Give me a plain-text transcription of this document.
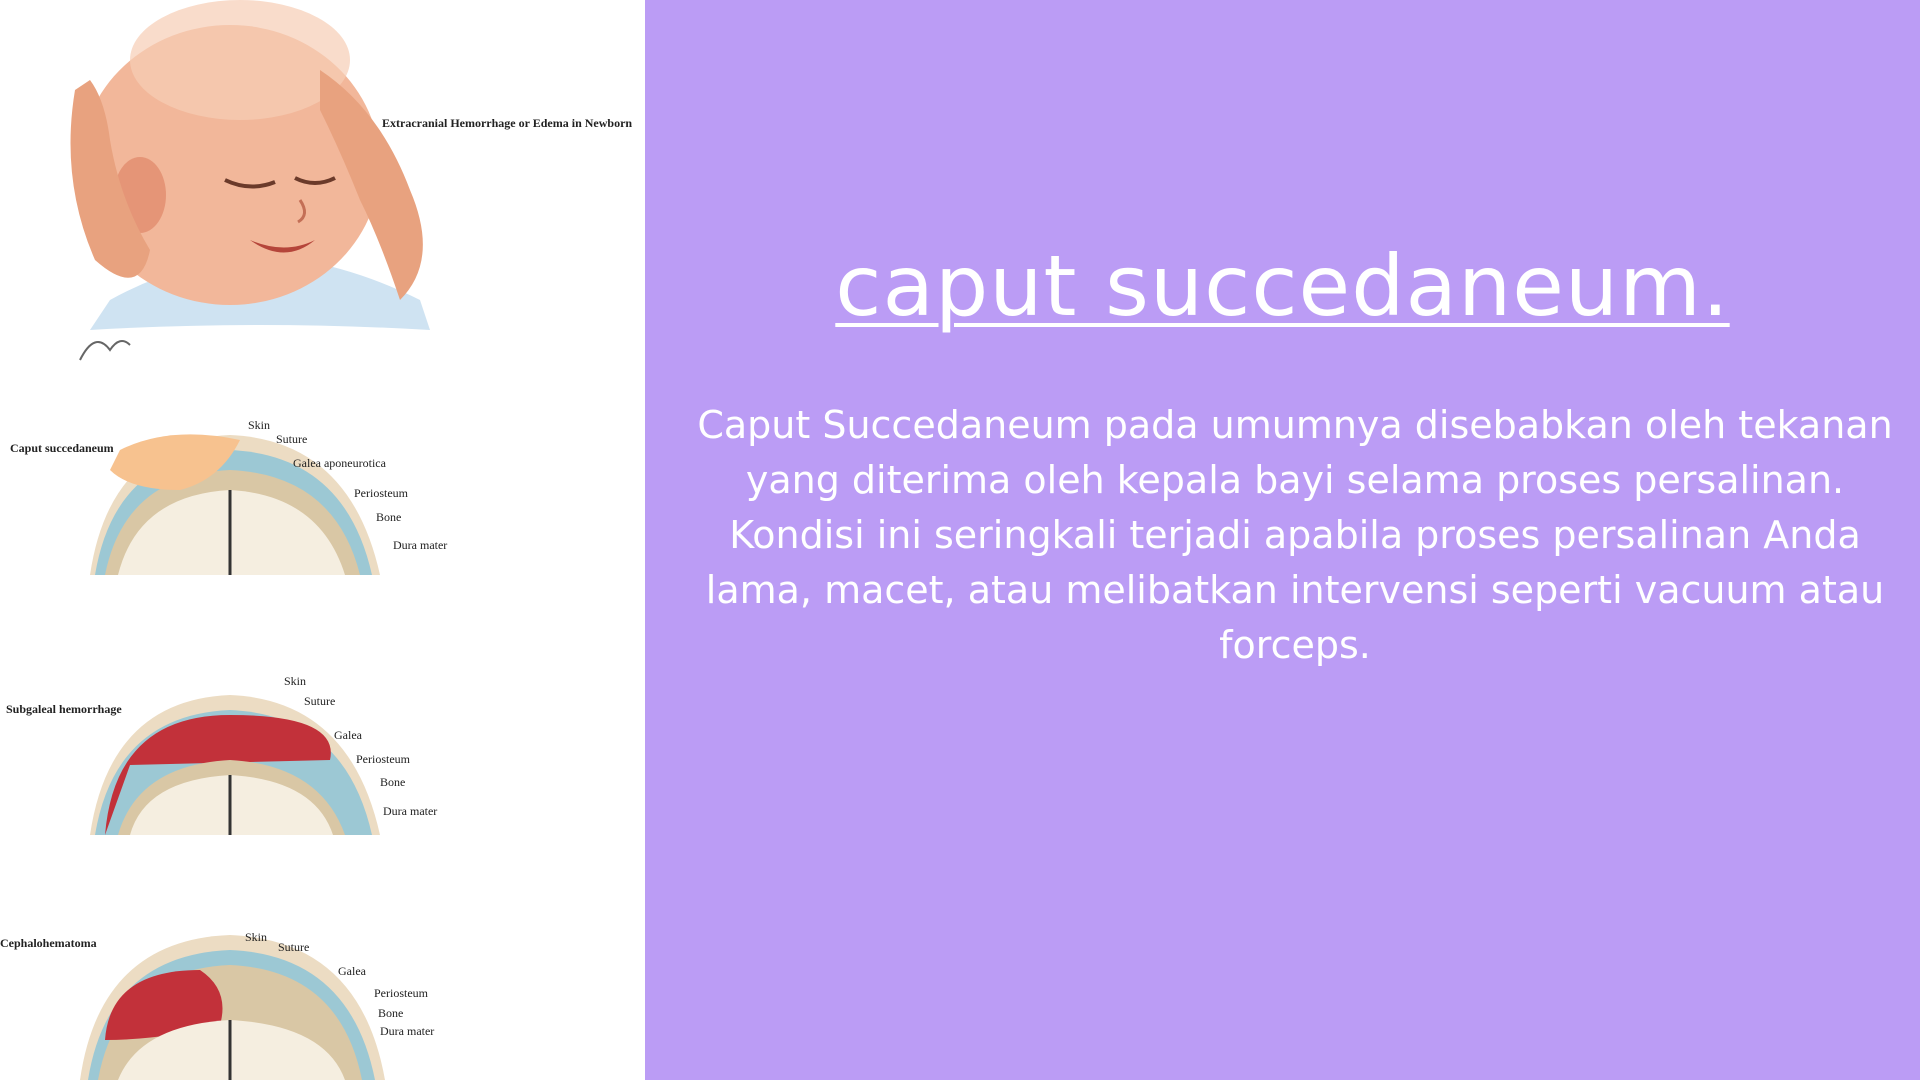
Extracranial Hemorrhage or Edema in Newborn
Caput succedaneum
Skin
Suture
Galea aponeurotica
Periosteum
Bone
Dura mater
Subgaleal hemorrhage
Skin
Suture
Galea
Periosteum
Bone
Dura mater
Cephalohematoma	Skin
Suture
Galea
Periosteum
Bone
Dura mater
caput succedaneum.
Caput Succedaneum pada umumnya disebabkan oleh tekanan yang diterima oleh kepala bayi selama proses persalinan. Kondisi ini seringkali terjadi apabila proses persalinan Anda lama, macet, atau melibatkan intervensi seperti vacuum atau forceps.
